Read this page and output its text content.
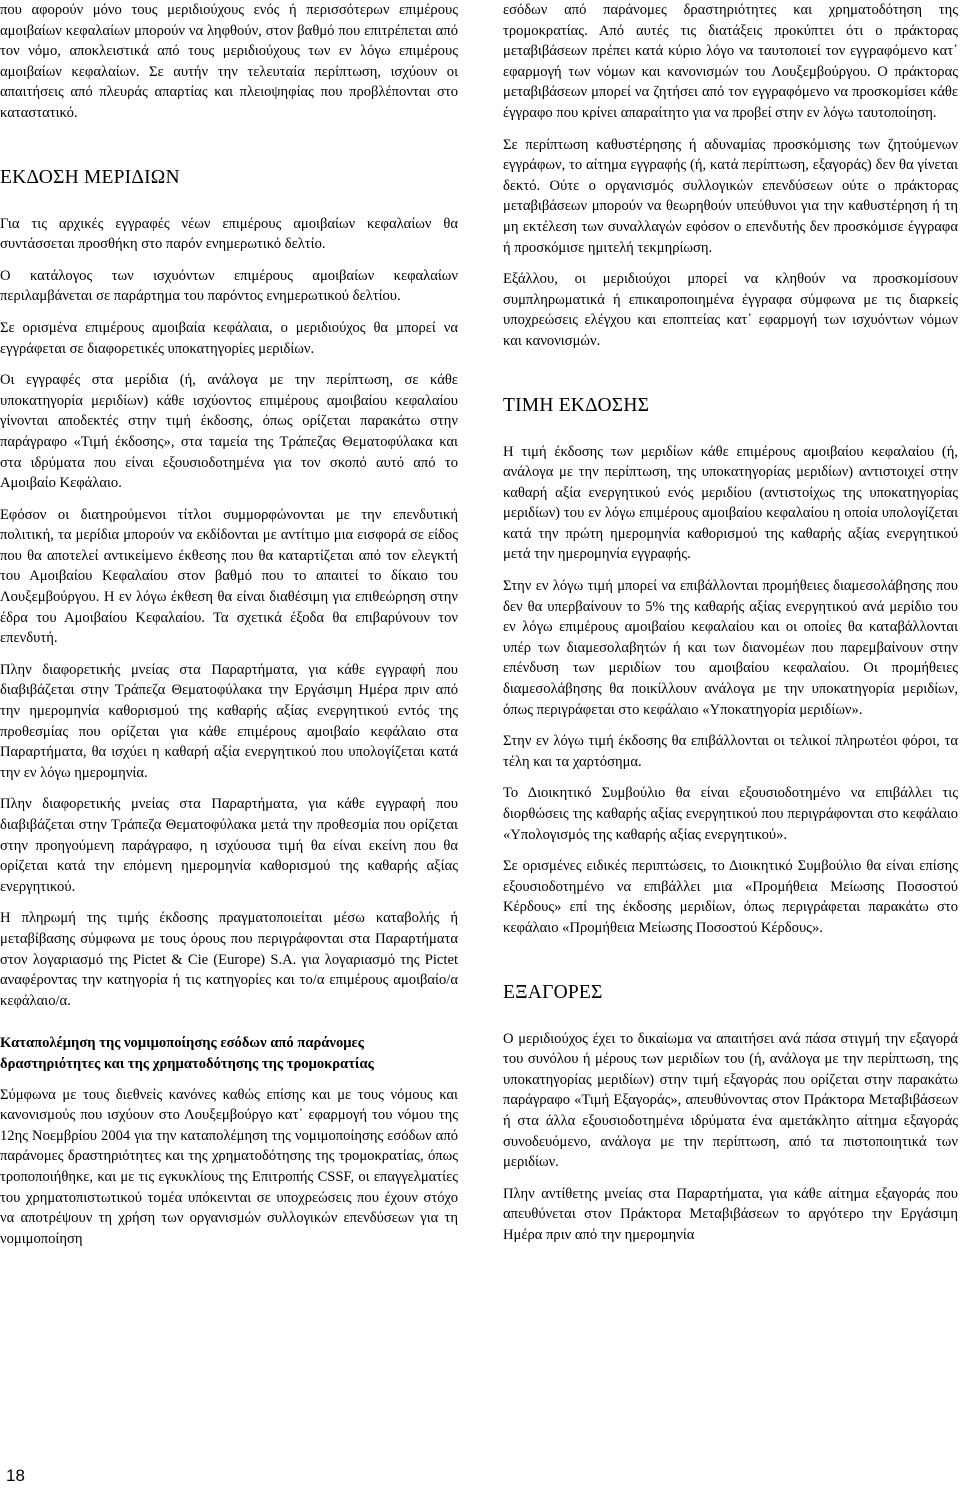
που αφορούν μόνο τους μεριδιούχους ενός ή περισσότερων επιμέρους αμοιβαίων κεφαλαίων μπορούν να ληφθούν, στον βαθμό που επιτρέπεται από τον νόμο, αποκλειστικά από τους μεριδιούχους των εν λόγω επιμέρους αμοιβαίων κεφαλαίων. Σε αυτήν την τελευταία περίπτωση, ισχύουν οι απαιτήσεις από πλευράς απαρτίας και πλειοψηφίας που προβλέπονται στο καταστατικό.

ΕΚΔΟΣΗ ΜΕΡΙΔΙΩΝ

Για τις αρχικές εγγραφές νέων επιμέρους αμοιβαίων κεφαλαίων θα συντάσσεται προσθήκη στο παρόν ενημερωτικό δελτίο.

Ο κατάλογος των ισχυόντων επιμέρους αμοιβαίων κεφαλαίων περιλαμβάνεται σε παράρτημα του παρόντος ενημερωτικού δελτίου.

Σε ορισμένα επιμέρους αμοιβαία κεφάλαια, ο μεριδιούχος θα μπορεί να εγγράφεται σε διαφορετικές υποκατηγορίες μεριδίων.

Οι εγγραφές στα μερίδια (ή, ανάλογα με την περίπτωση, σε κάθε υποκατηγορία μεριδίων) κάθε ισχύοντος επιμέρους αμοιβαίου κεφαλαίου γίνονται αποδεκτές στην τιμή έκδοσης, όπως ορίζεται παρακάτω στην παράγραφο «Τιμή έκδοσης», στα ταμεία της Τράπεζας Θεματοφύλακα και στα ιδρύματα που είναι εξουσιοδοτημένα για τον σκοπό αυτό από το Αμοιβαίο Κεφάλαιο.

Εφόσον οι διατηρούμενοι τίτλοι συμμορφώνονται με την επενδυτική πολιτική, τα μερίδια μπορούν να εκδίδονται με αντίτιμο μια εισφορά σε είδος που θα αποτελεί αντικείμενο έκθεσης που θα καταρτίζεται από τον ελεγκτή του Αμοιβαίου Κεφαλαίου στον βαθμό που το απαιτεί το δίκαιο του Λουξεμβούργου. Η εν λόγω έκθεση θα είναι διαθέσιμη για επιθεώρηση στην έδρα του Αμοιβαίου Κεφαλαίου. Τα σχετικά έξοδα θα επιβαρύνουν τον επενδυτή.

Πλην διαφορετικής μνείας στα Παραρτήματα, για κάθε εγγραφή που διαβιβάζεται στην Τράπεζα Θεματοφύλακα την Εργάσιμη Ημέρα πριν από την ημερομηνία καθορισμού της καθαρής αξίας ενεργητικού εντός της προθεσμίας που ορίζεται για κάθε επιμέρους αμοιβαίο κεφάλαιο στα Παραρτήματα, θα ισχύει η καθαρή αξία ενεργητικού που υπολογίζεται κατά την εν λόγω ημερομηνία.

Πλην διαφορετικής μνείας στα Παραρτήματα, για κάθε εγγραφή που διαβιβάζεται στην Τράπεζα Θεματοφύλακα μετά την προθεσμία που ορίζεται στην προηγούμενη παράγραφο, η ισχύουσα τιμή θα είναι εκείνη που θα ορίζεται κατά την επόμενη ημερομηνία καθορισμού της καθαρής αξίας ενεργητικού.

Η πληρωμή της τιμής έκδοσης πραγματοποιείται μέσω καταβολής ή μεταβίβασης σύμφωνα με τους όρους που περιγράφονται στα Παραρτήματα στον λογαριασμό της Pictet & Cie (Europe) S.A. για λογαριασμό της Pictet αναφέροντας την κατηγορία ή τις κατηγορίες και το/α επιμέρους αμοιβαίο/α κεφάλαιο/α.

Καταπολέμηση της νομιμοποίησης εσόδων από παράνομες δραστηριότητες και της χρηματοδότησης της τρομοκρατίας

Σύμφωνα με τους διεθνείς κανόνες καθώς επίσης και με τους νόμους και κανονισμούς που ισχύουν στο Λουξεμβούργο κατ᾽ εφαρμογή του νόμου της 12ης Νοεμβρίου 2004 για την καταπολέμηση της νομιμοποίησης εσόδων από παράνομες δραστηριότητες και της χρηματοδότησης της τρομοκρατίας, όπως τροποποιήθηκε, και με τις εγκυκλίους της Επιτροπής CSSF, οι επαγγελματίες του χρηματοπιστωτικού τομέα υπόκεινται σε υποχρεώσεις που έχουν στόχο να αποτρέψουν τη χρήση των οργανισμών συλλογικών επενδύσεων για τη νομιμοποίηση

εσόδων από παράνομες δραστηριότητες και χρηματοδότηση της τρομοκρατίας. Από αυτές τις διατάξεις προκύπτει ότι ο πράκτορας μεταβιβάσεων πρέπει κατά κύριο λόγο να ταυτοποιεί τον εγγραφόμενο κατ᾽ εφαρμογή των νόμων και κανονισμών του Λουξεμβούργου. Ο πράκτορας μεταβιβάσεων μπορεί να ζητήσει από τον εγγραφόμενο να προσκομίσει κάθε έγγραφο που κρίνει απαραίτητο για να προβεί στην εν λόγω ταυτοποίηση.

Σε περίπτωση καθυστέρησης ή αδυναμίας προσκόμισης των ζητούμενων εγγράφων, το αίτημα εγγραφής (ή, κατά περίπτωση, εξαγοράς) δεν θα γίνεται δεκτό. Ούτε ο οργανισμός συλλογικών επενδύσεων ούτε ο πράκτορας μεταβιβάσεων μπορούν να θεωρηθούν υπεύθυνοι για την καθυστέρηση ή τη μη εκτέλεση των συναλλαγών εφόσον ο επενδυτής δεν προσκόμισε έγγραφα ή προσκόμισε ημιτελή τεκμηρίωση.

Εξάλλου, οι μεριδιούχοι μπορεί να κληθούν να προσκομίσουν συμπληρωματικά ή επικαιροποιημένα έγγραφα σύμφωνα με τις διαρκείς υποχρεώσεις ελέγχου και εποπτείας κατ᾽ εφαρμογή των ισχυόντων νόμων και κανονισμών.

ΤΙΜΗ ΕΚΔΟΣΗΣ

Η τιμή έκδοσης των μεριδίων κάθε επιμέρους αμοιβαίου κεφαλαίου (ή, ανάλογα με την περίπτωση, της υποκατηγορίας μεριδίων) αντιστοιχεί στην καθαρή αξία ενεργητικού ενός μεριδίου (αντιστοίχως της υποκατηγορίας μεριδίων) του εν λόγω επιμέρους αμοιβαίου κεφαλαίου η οποία υπολογίζεται κατά την πρώτη ημερομηνία καθορισμού της καθαρής αξίας ενεργητικού μετά την ημερομηνία εγγραφής.

Στην εν λόγω τιμή μπορεί να επιβάλλονται προμήθειες διαμεσολάβησης που δεν θα υπερβαίνουν το 5% της καθαρής αξίας ενεργητικού ανά μερίδιο του εν λόγω επιμέρους αμοιβαίου κεφαλαίου και οι οποίες θα καταβάλλονται υπέρ των διαμεσολαβητών ή και των διανομέων που παρεμβαίνουν στην επένδυση των μεριδίων του αμοιβαίου κεφαλαίου. Οι προμήθειες διαμεσολάβησης θα ποικίλλουν ανάλογα με την υποκατηγορία μεριδίων, όπως περιγράφεται στο κεφάλαιο «Υποκατηγορία μεριδίων».

Στην εν λόγω τιμή έκδοσης θα επιβάλλονται οι τελικοί πληρωτέοι φόροι, τα τέλη και τα χαρτόσημα.

Το Διοικητικό Συμβούλιο θα είναι εξουσιοδοτημένο να επιβάλλει τις διορθώσεις της καθαρής αξίας ενεργητικού που περιγράφονται στο κεφάλαιο «Υπολογισμός της καθαρής αξίας ενεργητικού».

Σε ορισμένες ειδικές περιπτώσεις, το Διοικητικό Συμβούλιο θα είναι επίσης εξουσιοδοτημένο να επιβάλλει μια «Προμήθεια Μείωσης Ποσοστού Κέρδους» επί της έκδοσης μεριδίων, όπως περιγράφεται παρακάτω στο κεφάλαιο «Προμήθεια Μείωσης Ποσοστού Κέρδους».

ΕΞΑΓΟΡΕΣ

Ο μεριδιούχος έχει το δικαίωμα να απαιτήσει ανά πάσα στιγμή την εξαγορά του συνόλου ή μέρους των μεριδίων του (ή, ανάλογα με την περίπτωση, της υποκατηγορίας μεριδίων) στην τιμή εξαγοράς που ορίζεται στην παρακάτω παράγραφο «Τιμή Εξαγοράς», απευθύνοντας στον Πράκτορα Μεταβιβάσεων ή στα άλλα εξουσιοδοτημένα ιδρύματα ένα αμετάκλητο αίτημα εξαγοράς συνοδευόμενο, ανάλογα με την περίπτωση, από τα πιστοποιητικά των μεριδίων.

Πλην αντίθετης μνείας στα Παραρτήματα, για κάθε αίτημα εξαγοράς που απευθύνεται στον Πράκτορα Μεταβιβάσεων το αργότερο την Εργάσιμη Ημέρα πριν από την ημερομηνία

18
